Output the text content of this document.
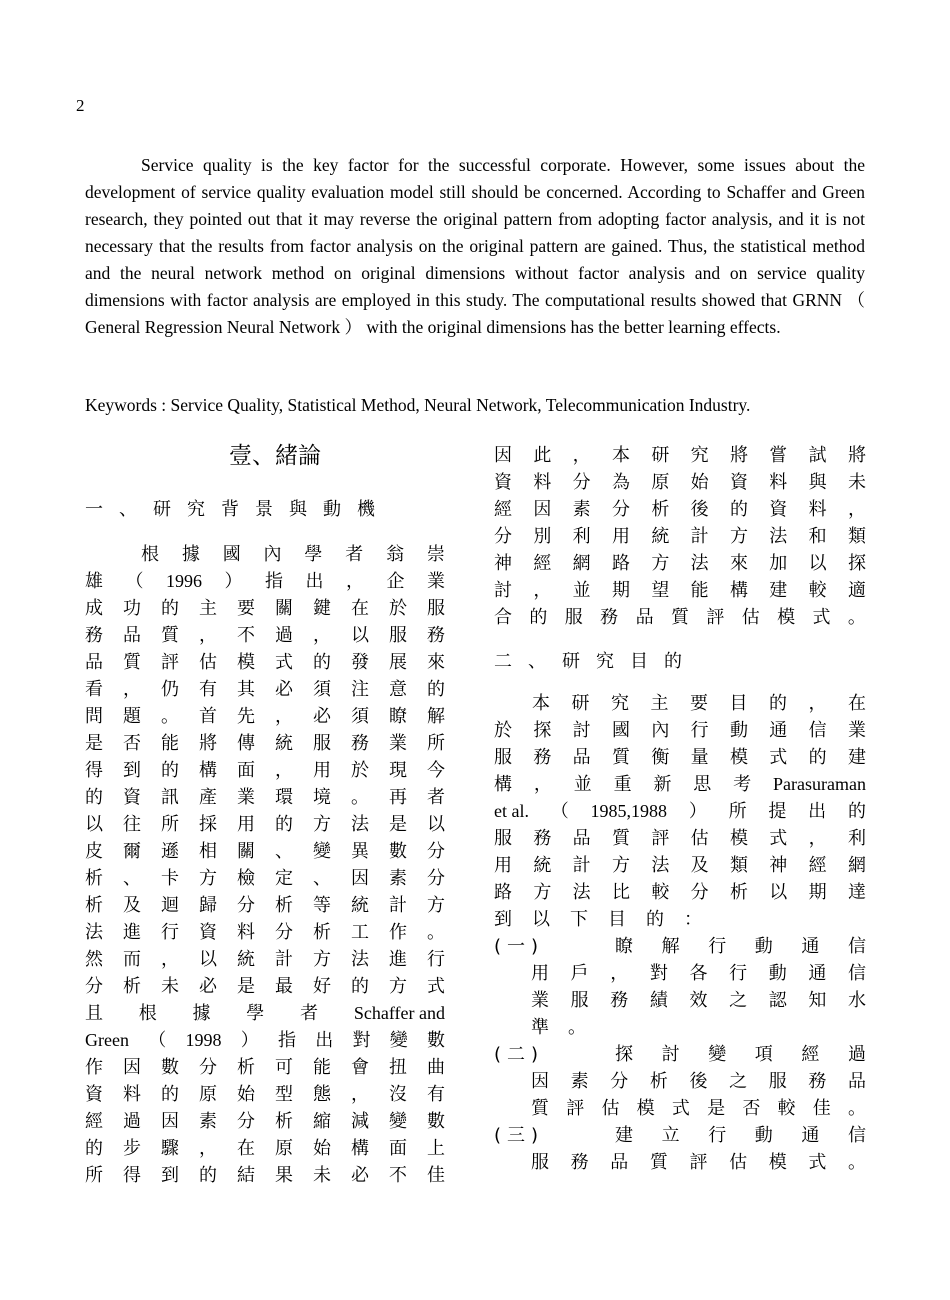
2
Service quality is the key factor for the successful corporate. However, some issues about the development of service quality evaluation model still should be concerned. According to Schaffer and Green research, they pointed out that it may reverse the original pattern from adopting factor analysis, and it is not necessary that the results from factor analysis on the original pattern are gained. Thus, the statistical method and the neural network method on original dimensions without factor analysis and on service quality dimensions with factor analysis are employed in this study. The computational results showed that GRNN （ General Regression Neural Network ） with the original dimensions has the better learning effects.
Keywords : Service Quality, Statistical Method, Neural Network, Telecommunication Industry.
壹、緒論
一、研究背景與動機
根 據 國 內 學 者 翁 崇
雄 （ 1996 ） 指 出 ， 企 業
成 功 的 主 要 關 鍵 在 於 服
務 品 質 ， 不 過 ， 以 服 務
品 質 評 估 模 式 的 發 展 來
看 ， 仍 有 其 必 須 注 意 的
問 題 。 首 先 ， 必 須 瞭 解
是 否 能 將 傳 統 服 務 業 所
得 到 的 構 面 ， 用 於 現 今
的 資 訊 產 業 環 境 。 再 者
以 往 所 採 用 的 方 法 是 以
皮 爾 遜 相 關 、 變 異 數 分
析 、 卡 方 檢 定 、 因 素 分
析 及 迴 歸 分 析 等 統 計 方
法 進 行 資 料 分 析 工 作 。
然 而 ， 以 統 計 方 法 進 行
分 析 未 必 是 最 好 的 方 式
且 根 據 學 者 Schaffer and
Green （ 1998 ） 指 出 對 變 數
作 因 數 分 析 可 能 會 扭 曲
資 料 的 原 始 型 態 ， 沒 有
經 過 因 素 分 析 縮 減 變 數
的 步 驟 ， 在 原 始 構 面 上
所 得 到 的 結 果 未 必 不 佳
因 此 ， 本 研 究 將 嘗 試 將
資 料 分 為 原 始 資 料 與 未
經 因 素 分 析 後 的 資 料 ，
分 別 利 用 統 計 方 法 和 類
神 經 網 路 方 法 來 加 以 探
討 ， 並 期 望 能 構 建 較 適
合 的 服 務 品 質 評 估 模 式 。
二、研究目的
本 研 究 主 要 目 的 ， 在
於 探 討 國 內 行 動 通 信 業
服 務 品 質 衡 量 模 式 的 建
構 ， 並 重 新 思 考 Parasuraman
et al. （ 1985,1988 ） 所 提 出 的
服 務 品 質 評 估 模 式 ， 利
用 統 計 方 法 及 類 神 經 網
路 方 法 比 較 分 析 以 期 達
到 以 下 目 的 ：
(一)	瞭 解 行 動 通 信
用 戶 ， 對 各 行 動 通 信
業 服 務 績 效 之 認 知 水
準 。
(二)	探 討 變 項 經 過
因 素 分 析 後 之 服 務 品
質 評 估 模 式 是 否 較 佳 。
(三)	建 立 行 動 通 信
服 務 品 質 評 估 模 式 。
